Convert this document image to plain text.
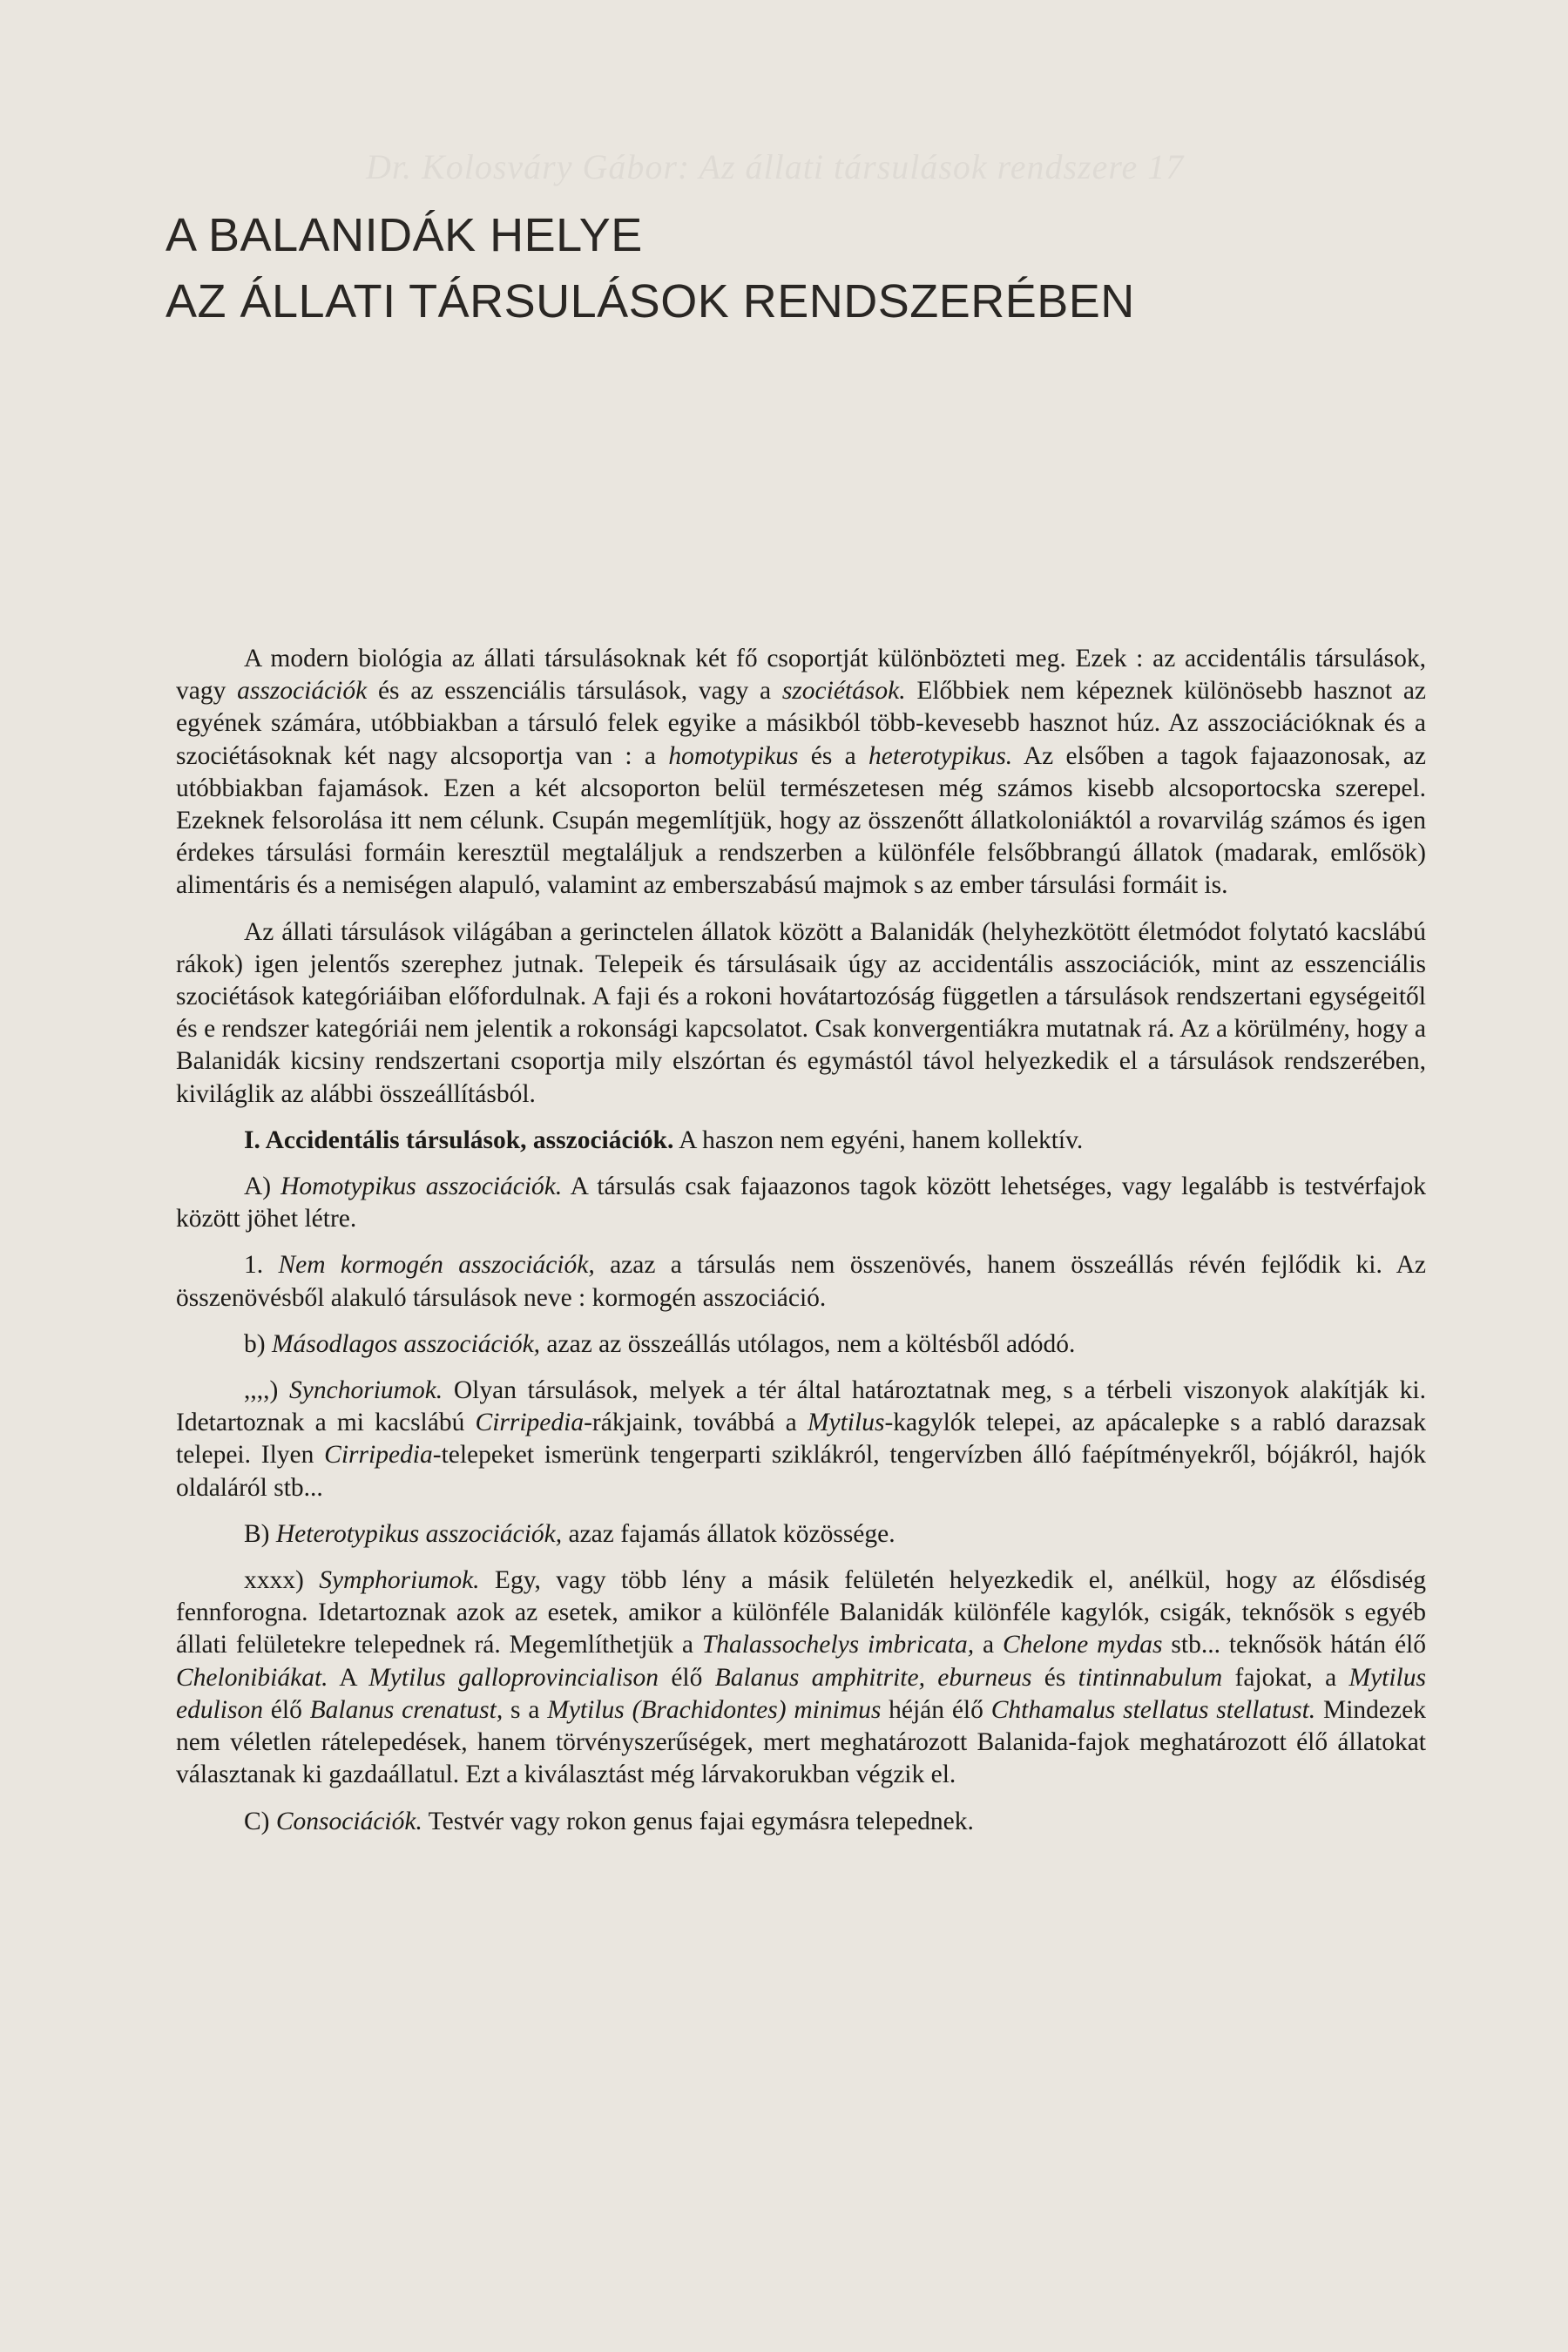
Dr. Kolosváry Gábor: Az állati társulások rendszere 17
A BALANIDÁK HELYE
AZ ÁLLATI TÁRSULÁSOK RENDSZERÉBEN

A modern biológia az állati társulásoknak két fő csoportját különbözteti meg. Ezek : az accidentális társulások, vagy asszociációk és az esszenciális társulások, vagy a szociétások. Előbbiek nem képeznek különösebb hasznot az egyének számára, utóbbiakban a társuló felek egyike a másikból több-kevesebb hasznot húz. Az asszociációknak és a szociétásoknak két nagy alcsoportja van : a homotypikus és a heterotypikus. Az elsőben a tagok fajaazonosak, az utóbbiakban fajamások. Ezen a két alcsoporton belül természetesen még számos kisebb alcsoportocska szerepel. Ezeknek felsorolása itt nem célunk. Csupán megemlítjük, hogy az összenőtt állatkoloniáktól a rovarvilág számos és igen érdekes társulási formáin keresztül megtaláljuk a rendszerben a különféle felsőbbrangú állatok (madarak, emlősök) alimentáris és a nemiségen alapuló, valamint az emberszabású majmok s az ember társulási formáit is.

Az állati társulások világában a gerinctelen állatok között a Balanidák (helyhezkötött életmódot folytató kacslábú rákok) igen jelentős szerephez jutnak. Telepeik és társulásaik úgy az accidentális asszociációk, mint az esszenciális szociétások kategóriáiban előfordulnak. A faji és a rokoni hovátartozóság független a társulások rendszertani egységeitől és e rendszer kategóriái nem jelentik a rokonsági kapcsolatot. Csak konvergentiákra mutatnak rá. Az a körülmény, hogy a Balanidák kicsiny rendszertani csoportja mily elszórtan és egymástól távol helyezkedik el a társulások rendszerében, kiviláglik az alábbi összeállításból.

I. Accidentális társulások, asszociációk. A haszon nem egyéni, hanem kollektív.

A) Homotypikus asszociációk. A társulás csak fajaazonos tagok között lehetséges, vagy legalább is testvérfajok között jöhet létre.

1. Nem kormogén asszociációk, azaz a társulás nem összenövés, hanem összeállás révén fejlődik ki. Az összenövésből alakuló társulások neve : kormogén asszociáció.

b) Másodlagos asszociációk, azaz az összeállás utólagos, nem a költésből adódó.

,,,,) Synchoriumok. Olyan társulások, melyek a tér által határoztatnak meg, s a térbeli viszonyok alakítják ki. Idetartoznak a mi kacslábú Cirripedia-rákjaink, továbbá a Mytilus-kagylók telepei, az apácalepke s a rabló darazsak telepei. Ilyen Cirripedia-telepeket ismerünk tengerparti sziklákról, tengervízben álló faépítményekről, bójákról, hajók oldaláról stb...

B) Heterotypikus asszociációk, azaz fajamás állatok közössége.

xxxx) Symphoriumok. Egy, vagy több lény a másik felületén helyezkedik el, anélkül, hogy az élősdiség fennforogna. Idetartoznak azok az esetek, amikor a különféle Balanidák különféle kagylók, csigák, teknősök s egyéb állati felületekre telepednek rá. Megemlíthetjük a Thalassochelys imbricata, a Chelone mydas stb... teknősök hátán élő Chelonibiákat. A Mytilus galloprovincialison élő Balanus amphitrite, eburneus és tintinnabulum fajokat, a Mytilus edulison élő Balanus crenatust, s a Mytilus (Brachidontes) minimus héján élő Chthamalus stellatus stellatust. Mindezek nem véletlen rátelepedések, hanem törvényszerűségek, mert meghatározott Balanida-fajok meghatározott élő állatokat választanak ki gazdaállatul. Ezt a kiválasztást még lárvakorukban végzik el.

C) Consociációk. Testvér vagy rokon genus fajai egymásra telepednek.
